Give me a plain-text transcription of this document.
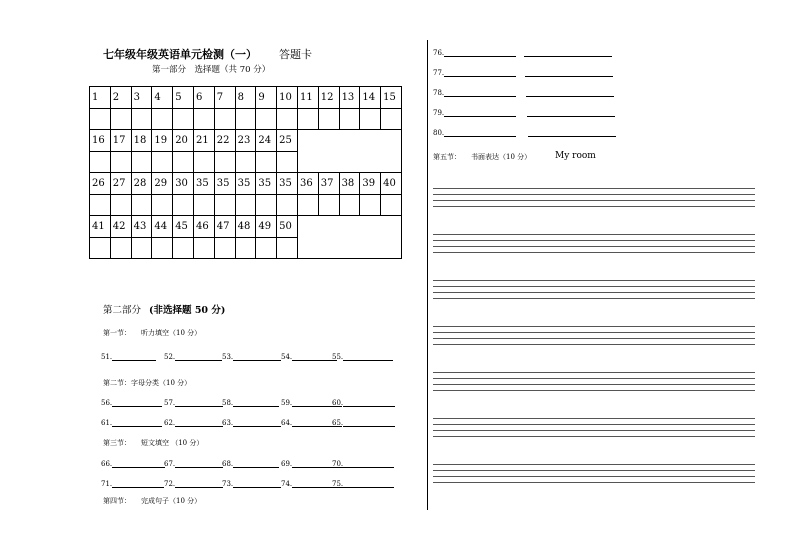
七年级年级英语单元检测（一） 答题卡
第一部分　选择题（共 70 分）
1	2	3	4	5	6	7	8	9	10	11	12	13	14	15

16	17	18	19	20	21	22	23	24	25					

26	27	28	29	30	35	35	35	35	35	36	37	38	39	40

41	42	43	44	45	46	47	48	49	50					

第二部分 (非选择题 50 分)
第一节： 听力填空（10 分）
第二节：字母分类（10 分）
第三节： 短文填空 （10 分）
第四节： 完成句子（10 分）
51.	52.	53.	54.	55.
56.	57.	58.	59.	60.
61.	62.	63.	64.	65.
66.	67.	68.	69.	70.
71.	72.	73.	74.	75.
76.
77.
78.
79.
80.
第五节： 书面表达（10 分）	My room
